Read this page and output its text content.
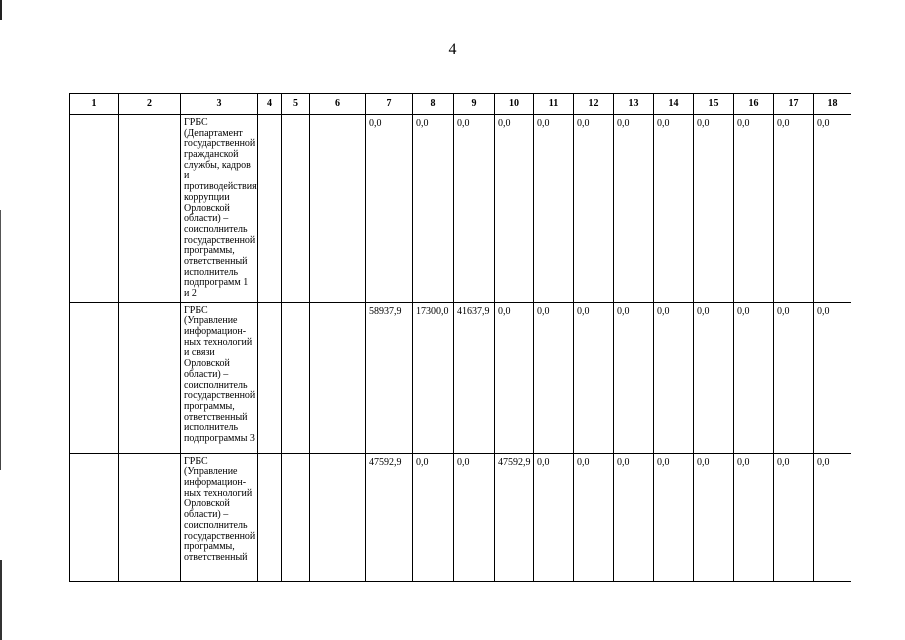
4
1	2	3	4	5	6	7	8	9	10	11	12	13	14	15	16	17	18
		ГРБС (Департамент государственной гражданской службы, кадров и противодействия коррупции Орловской области) – соисполнитель государственной программы, ответственный исполнитель подпрограмм 1 и 2				0,0	0,0	0,0	0,0	0,0	0,0	0,0	0,0	0,0	0,0	0,0	0,0
		ГРБС (Управление информацион-ных технологий и связи Орловской области) – соисполнитель государственной программы, ответственный исполнитель подпрограммы 3				58937,9	17300,0	41637,9	0,0	0,0	0,0	0,0	0,0	0,0	0,0	0,0	0,0
		ГРБС (Управление информацион-ных технологий Орловской области) – соисполнитель государственной программы, ответственный				47592,9	0,0	0,0	47592,9	0,0	0,0	0,0	0,0	0,0	0,0	0,0	0,0
